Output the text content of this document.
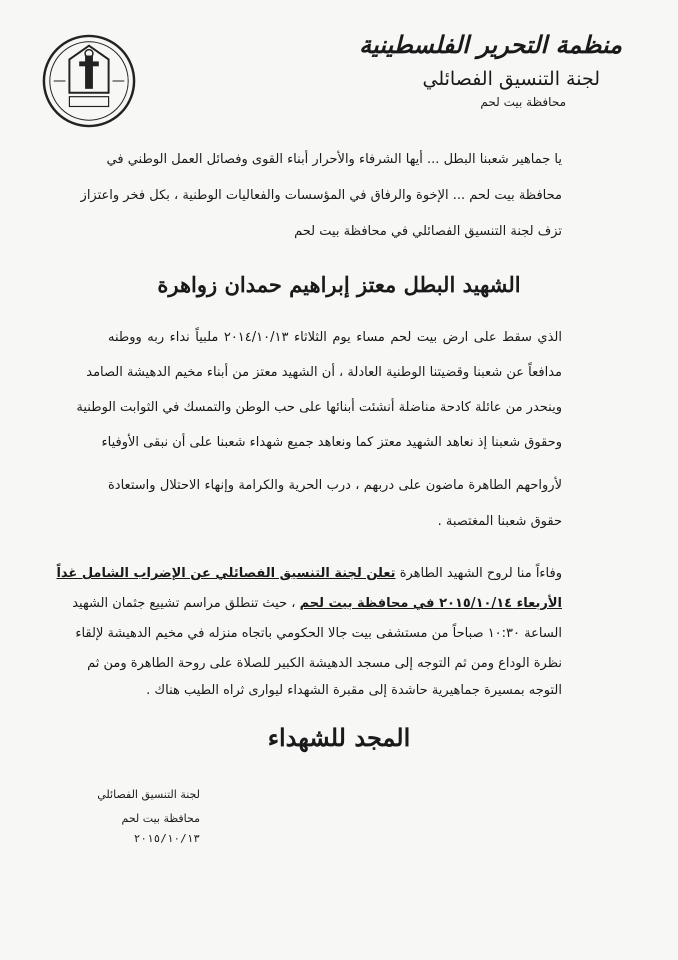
منظمة التحرير الفلسطينية
لجنة التنسيق الفصائلي
محافظة بيت لحم
يا جماهير شعبنا البطل ... أيها الشرفاء والأحرار أبناء القوى وفصائل العمل الوطني في
محافظة بيت لحم ... الإخوة والرفاق في المؤسسات والفعاليات الوطنية ، بكل فخر واعتزاز
تزف لجنة التنسيق الفصائلي في محافظة بيت لحم
الشهيد البطل معتز إبراهيم حمدان زواهرة
الذي سقط على ارض بيت لحم مساء يوم الثلاثاء ٢٠١٤/١٠/١٣ ملبياً نداء ربه ووطنه
مدافعاً عن شعبنا وقضيتنا الوطنية العادلة ، أن الشهيد معتز من أبناء مخيم الدهيشة الصامد
وينحدر من عائلة كادحة مناضلة أنشئت أبنائها على حب الوطن والتمسك في الثوابت الوطنية
وحقوق شعبنا إذ نعاهد الشهيد معتز كما ونعاهد جميع شهداء شعبنا على أن نبقى الأوفياء
لأرواحهم الطاهرة ماضون على دربهم ، درب الحرية والكرامة وإنهاء الاحتلال واستعادة
حقوق شعبنا المغتصبة .
وفاءاً منا لروح الشهيد الطاهرة تعلن لجنة التنسيق الفصائلي عن الإضراب الشامل غداً
الأربعاء ٢٠١٥/١٠/١٤ في محافظة بيت لحم ، حيث تنطلق مراسم تشييع جثمان الشهيد
الساعة ١٠:٣٠ صباحاً من مستشفى بيت جالا الحكومي باتجاه منزله في مخيم الدهيشة لإلقاء
نظرة الوداع ومن ثم التوجه إلى مسجد الدهيشة الكبير للصلاة على روحة الطاهرة ومن ثم
التوجه بمسيرة جماهيرية حاشدة إلى مقبرة الشهداء ليوارى ثراه الطيب هناك .
المجد للشهداء
لجنة التنسيق الفصائلي
محافظة بيت لحم
٢٠١٥/١٠/١٣
